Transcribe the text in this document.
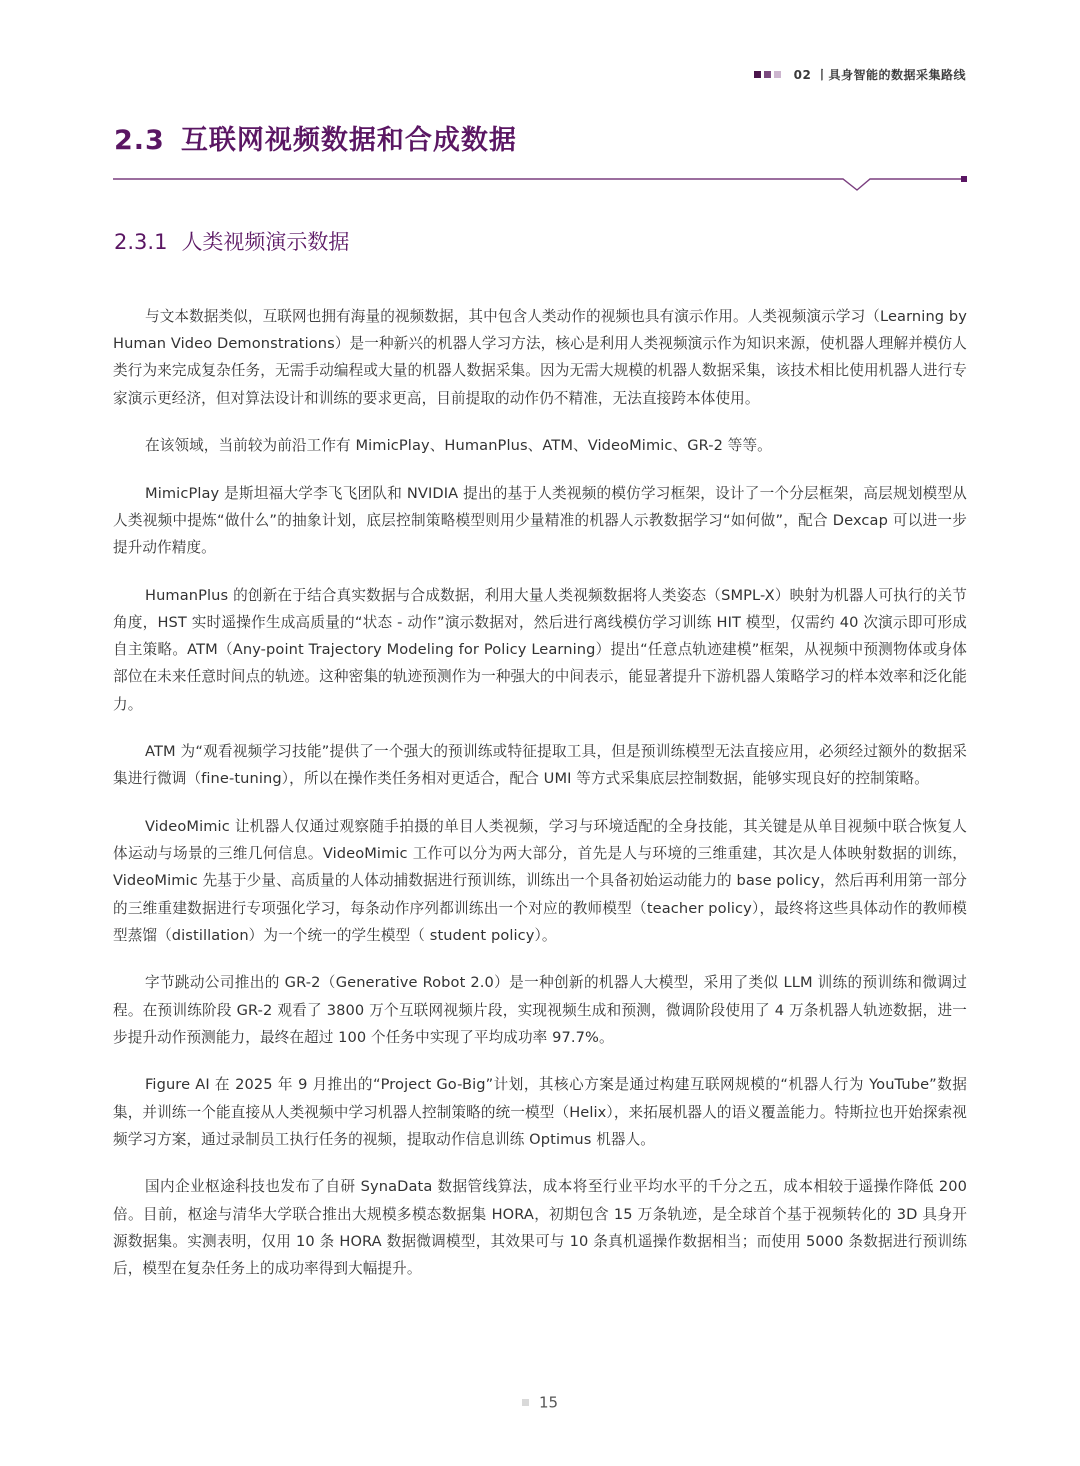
02 丨具身智能的数据采集路线
2.3 互联网视频数据和合成数据
2.3.1 人类视频演示数据

与文本数据类似，互联网也拥有海量的视频数据，其中包含人类动作的视频也具有演示作用。人类视频演示学习（Learning by Human Video Demonstrations）是一种新兴的机器人学习方法，核心是利用人类视频演示作为知识来源，使机器人理解并模仿人类行为来完成复杂任务，无需手动编程或大量的机器人数据采集。因为无需大规模的机器人数据采集，该技术相比使用机器人进行专家演示更经济，但对算法设计和训练的要求更高，目前提取的动作仍不精准，无法直接跨本体使用。

在该领域，当前较为前沿工作有 MimicPlay、HumanPlus、ATM、VideoMimic、GR-2 等等。

MimicPlay 是斯坦福大学李飞飞团队和 NVIDIA 提出的基于人类视频的模仿学习框架，设计了一个分层框架，高层规划模型从人类视频中提炼“做什么”的抽象计划，底层控制策略模型则用少量精准的机器人示教数据学习“如何做”，配合 Dexcap 可以进一步提升动作精度。

HumanPlus 的创新在于结合真实数据与合成数据，利用大量人类视频数据将人类姿态（SMPL-X）映射为机器人可执行的关节角度，HST 实时遥操作生成高质量的“状态 - 动作”演示数据对，然后进行离线模仿学习训练 HIT 模型，仅需约 40 次演示即可形成自主策略。ATM（Any-point Trajectory Modeling for Policy Learning）提出“任意点轨迹建模”框架，从视频中预测物体或身体部位在未来任意时间点的轨迹。这种密集的轨迹预测作为一种强大的中间表示，能显著提升下游机器人策略学习的样本效率和泛化能力。

ATM 为“观看视频学习技能”提供了一个强大的预训练或特征提取工具，但是预训练模型无法直接应用，必须经过额外的数据采集进行微调（fine-tuning），所以在操作类任务相对更适合，配合 UMI 等方式采集底层控制数据，能够实现良好的控制策略。

VideoMimic 让机器人仅通过观察随手拍摄的单目人类视频，学习与环境适配的全身技能，其关键是从单目视频中联合恢复人体运动与场景的三维几何信息。VideoMimic 工作可以分为两大部分，首先是人与环境的三维重建，其次是人体映射数据的训练，VideoMimic 先基于少量、高质量的人体动捕数据进行预训练，训练出一个具备初始运动能力的 base policy，然后再利用第一部分的三维重建数据进行专项强化学习，每条动作序列都训练出一个对应的教师模型（teacher policy），最终将这些具体动作的教师模型蒸馏（distillation）为一个统一的学生模型（ student policy）。

字节跳动公司推出的 GR-2（Generative Robot 2.0）是一种创新的机器人大模型，采用了类似 LLM 训练的预训练和微调过程。在预训练阶段 GR-2 观看了 3800 万个互联网视频片段，实现视频生成和预测，微调阶段使用了 4 万条机器人轨迹数据，进一步提升动作预测能力，最终在超过 100 个任务中实现了平均成功率 97.7%。

Figure AI 在 2025 年 9 月推出的“Project Go-Big”计划，其核心方案是通过构建互联网规模的“机器人行为 YouTube”数据集，并训练一个能直接从人类视频中学习机器人控制策略的统一模型（Helix），来拓展机器人的语义覆盖能力。特斯拉也开始探索视频学习方案，通过录制员工执行任务的视频，提取动作信息训练 Optimus 机器人。

国内企业枢途科技也发布了自研 SynaData 数据管线算法，成本将至行业平均水平的千分之五，成本相较于遥操作降低 200 倍。目前，枢途与清华大学联合推出大规模多模态数据集 HORA，初期包含 15 万条轨迹，是全球首个基于视频转化的 3D 具身开源数据集。实测表明，仅用 10 条 HORA 数据微调模型，其效果可与 10 条真机遥操作数据相当；而使用 5000 条数据进行预训练后，模型在复杂任务上的成功率得到大幅提升。

15
